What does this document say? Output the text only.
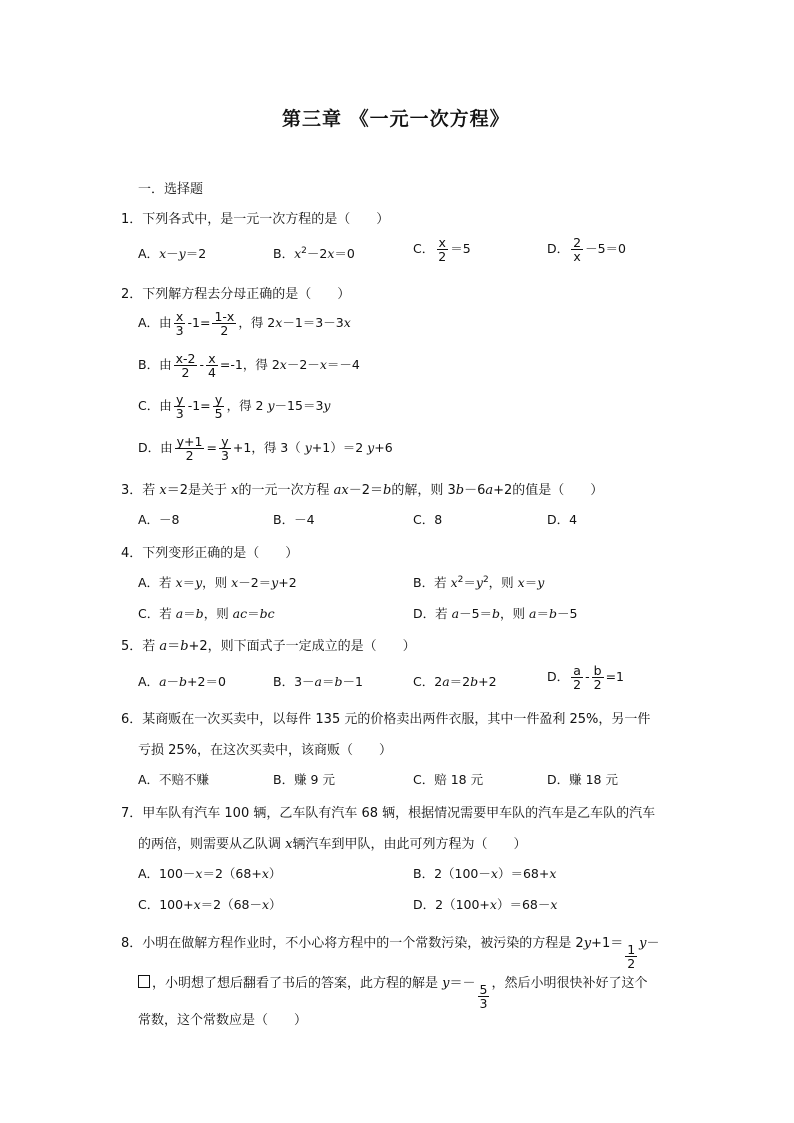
第三章 《一元一次方程》
一．选择题
1．下列各式中，是一元一次方程的是（　　）
A．x－y＝2	B．$x^2-2x=0$	C． $\frac{x}{2} =5$	D． $\frac{2}{x} -5=0$
2．下列解方程去分母正确的是（　　）
A．由 $\frac{x}{3} -1= \frac{1-x}{2}$ ，得 2x－1＝3－3x
B．由 $\frac{x-2}{2} - \frac{x}{4} =-1$，得 2x－2－x＝－4
C．由 $\frac{y}{3} -1= \frac{y}{5}$ ，得 2 y－15＝3y
D．由 $\frac{y+1}{2} = \frac{y}{3} +1$，得 3（ y+1）＝2 y+6
3．若 x＝2是关于 x的一元一次方程 ax－2＝b的解，则 3b－6a+2的值是（　　）
A．－8	B．－4	C．8	D．4
4．下列变形正确的是（　　）
A．若 x＝y，则 x－2＝y+2	B．若 $x^2=y^2$，则 x＝y
C．若 a＝b，则 ac＝bc	D．若 a－5＝b，则 a＝b－5
5．若 a＝b+2，则下面式子一定成立的是（　　）
A．a－b+2＝0	B．3－a＝b－1	C．2a＝2b+2	D． $\frac{a}{2} - \frac{b}{2} =1$
6．某商贩在一次买卖中，以每件 135 元的价格卖出两件衣服，其中一件盈利 25%，另一件
亏损 25%，在这次买卖中，该商贩（　　）
A．不赔不赚	B．赚 9 元	C．赔 18 元	D．赚 18 元
7．甲车队有汽车 100 辆，乙车队有汽车 68 辆，根据情况需要甲车队的汽车是乙车队的汽车
的两倍，则需要从乙队调 x辆汽车到甲队，由此可列方程为（　　）
A．100－x＝2（68+x）	B．2（100－x）＝68+x
C．100+x＝2（68－x）	D．2（100+x）＝68－x
8．小明在做解方程作业时，不小心将方程中的一个常数污染，被污染的方程是 $2y+1= \frac{1}{2} y-$
，小明想了想后翻看了书后的答案，此方程的解是 $y=- \frac{5}{3}$ ，然后小明很快补好了这个
常数，这个常数应是（　　）
